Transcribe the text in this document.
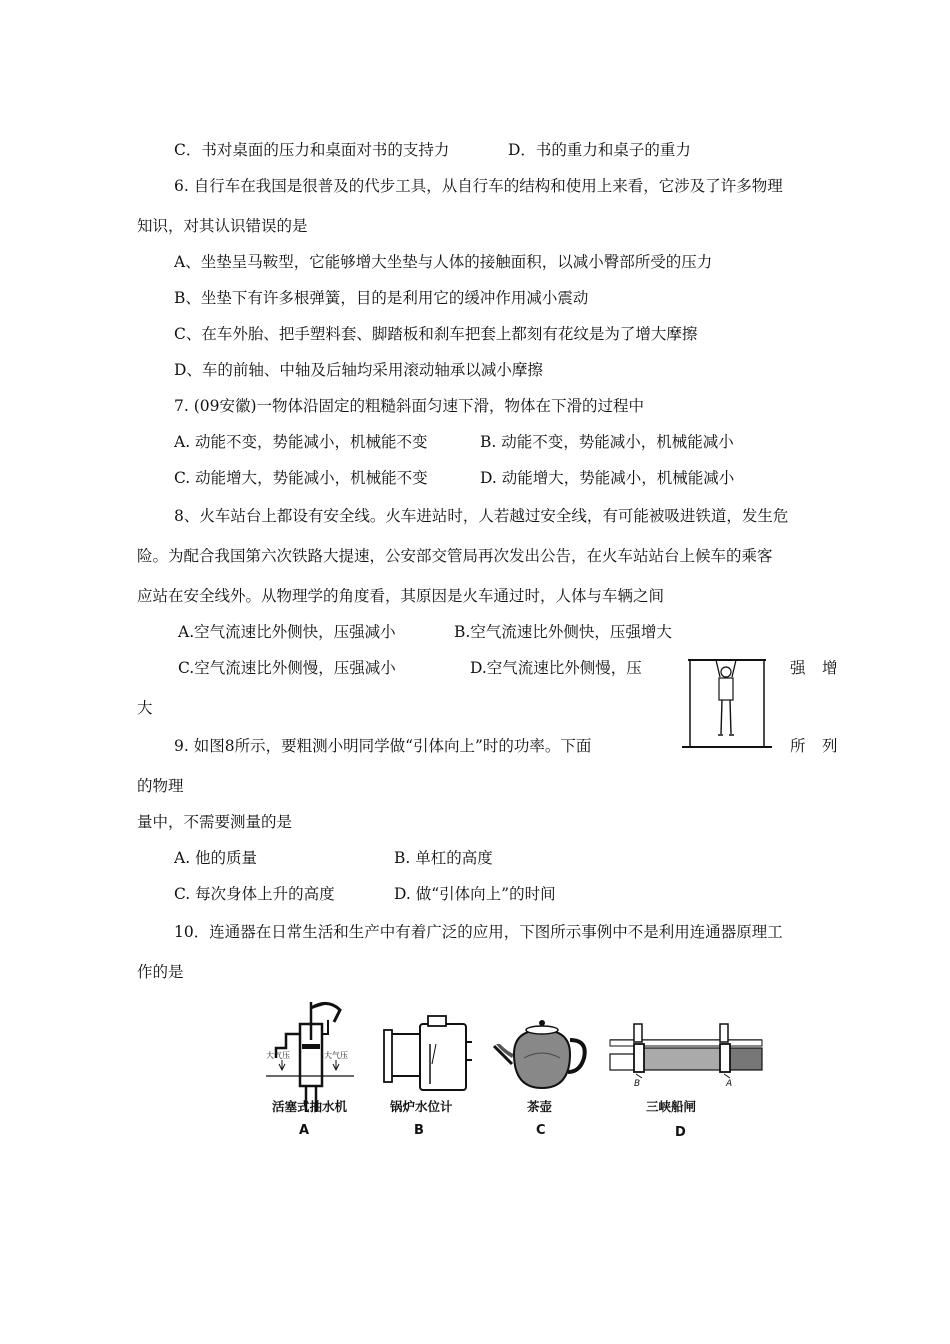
C．书对桌面的压力和桌面对书的支持力	D．书的重力和桌子的重力
6. 自行车在我国是很普及的代步工具，从自行车的结构和使用上来看，它涉及了许多物理
知识，对其认识错误的是
A、坐垫呈马鞍型，它能够增大坐垫与人体的接触面积，以减小臀部所受的压力
B、坐垫下有许多根弹簧，目的是利用它的缓冲作用减小震动
C、在车外胎、把手塑料套、脚踏板和刹车把套上都刻有花纹是为了增大摩擦
D、车的前轴、中轴及后轴均采用滚动轴承以减小摩擦
7. (09安徽)一物体沿固定的粗糙斜面匀速下滑，物体在下滑的过程中
A. 动能不变，势能减小，机械能不变	B. 动能不变，势能减小，机械能减小
C. 动能增大，势能减小，机械能不变	D. 动能增大，势能减小，机械能减小
8、火车站台上都设有安全线。火车进站时，人若越过安全线，有可能被吸进铁道，发生危
险。为配合我国第六次铁路大提速，公安部交管局再次发出公告，在火车站站台上候车的乘客
应站在安全线外。从物理学的角度看，其原因是火车通过时，人体与车辆之间
A.空气流速比外侧快，压强减小	B.空气流速比外侧快，压强增大
C.空气流速比外侧慢，压强减小	D.空气流速比外侧慢，压	强 增
大
9. 如图8所示，要粗测小明同学做“引体向上”时的功率。下面	所 列
的物理
量中，不需要测量的是
A. 他的质量	B. 单杠的高度
C. 每次身体上升的高度	D. 做“引体向上”的时间
10．连通器在日常生活和生产中有着广泛的应用，下图所示事例中不是利用连通器原理工
作的是
大气压	大气压
活塞式抽水机
A
锅炉水位计
B
茶壶
C
B	A
三峡船闸
D
